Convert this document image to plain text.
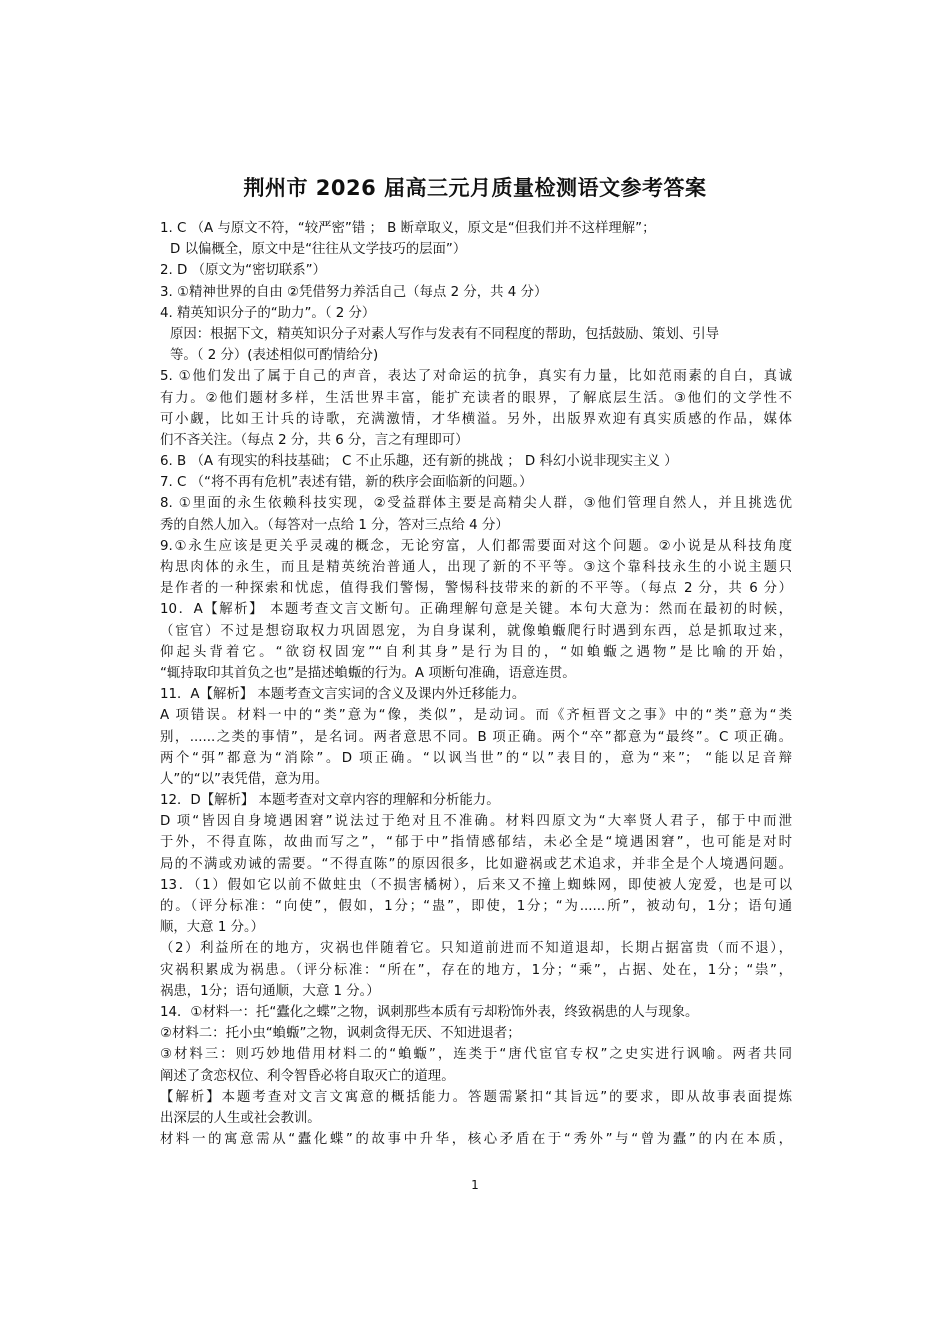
荆州市 2026 届高三元月质量检测语文参考答案
1. C （A 与原文不符，“较严密”错 ； B 断章取义，原文是“但我们并不这样理解”；
D 以偏概全，原文中是“往往从文学技巧的层面”）
2. D （原文为“密切联系”）
3. ①精神世界的自由 ②凭借努力养活自己（每点 2 分，共 4 分）
4. 精英知识分子的“助力”。（ 2 分）
原因：根据下文，精英知识分子对素人写作与发表有不同程度的帮助，包括鼓励、策划、引导
等。（ 2 分）(表述相似可酌情给分)
5. ①他们发出了属于自己的声音，表达了对命运的抗争，真实有力量，比如范雨素的自白，真诚
有力。②他们题材多样，生活世界丰富，能扩充读者的眼界，了解底层生活。③他们的文学性不
可小觑，比如王计兵的诗歌，充满激情，才华横溢。另外，出版界欢迎有真实质感的作品，媒体
们不吝关注。（每点 2 分，共 6 分，言之有理即可）
6. B （A 有现实的科技基础； C 不止乐趣，还有新的挑战 ； D 科幻小说非现实主义 ）
7. C （“将不再有危机”表述有错，新的秩序会面临新的问题。）
8. ①里面的永生依赖科技实现，②受益群体主要是高精尖人群，③他们管理自然人，并且挑选优
秀的自然人加入。（每答对一点给 1 分，答对三点给 4 分）
9.①永生应该是更关乎灵魂的概念，无论穷富，人们都需要面对这个问题。②小说是从科技角度
构思肉体的永生，而且是精英统治普通人，出现了新的不平等。③这个靠科技永生的小说主题只
是作者的一种探索和忧虑，值得我们警惕，警惕科技带来的新的不平等。（每点 2 分，共 6 分）
10．A【解析】 本题考查文言文断句。正确理解句意是关键。本句大意为：然而在最初的时候，
（宦官）不过是想窃取权力巩固恩宠，为自身谋利，就像蝜蝂爬行时遇到东西，总是抓取过来，
仰起头背着它。“欲窃权固宠”“自利其身”是行为目的，“如蝜蝂之遇物”是比喻的开始，
“辄持取印其首负之也”是描述蝜蝂的行为。A 项断句准确，语意连贯。
11．A【解析】 本题考查文言实词的含义及课内外迁移能力。
A 项错误。材料一中的“类”意为“像，类似”，是动词。而《齐桓晋文之事》中的“类”意为“类
别，......之类的事情”，是名词。两者意思不同。B 项正确。两个“卒”都意为“最终”。C 项正确。
两个“弭”都意为“消除”。D 项正确。“以讽当世”的“以”表目的，意为“来”； “能以足音辩
人”的“以”表凭借，意为用。
12．D【解析】 本题考查对文章内容的理解和分析能力。
D 项“皆因自身境遇困窘”说法过于绝对且不准确。材料四原文为“大率贤人君子，郁于中而泄
于外，不得直陈，故曲而写之”，“郁于中”指情感郁结，未必全是“境遇困窘”，也可能是对时
局的不满或劝诫的需要。“不得直陈”的原因很多，比如避祸或艺术追求，并非全是个人境遇问题。
13．（1）假如它以前不做蛀虫（不损害橘树），后来又不撞上蜘蛛网，即使被人宠爱，也是可以
的。（评分标准：“向使”，假如，1分；“蛊”，即使，1分；“为......所”，被动句，1分；语句通
顺，大意 1 分。）
（2）利益所在的地方，灾祸也伴随着它。只知道前进而不知道退却，长期占据富贵（而不退），
灾祸积累成为祸患。（评分标准：“所在”，存在的地方，1分；“乘”，占据、处在，1分；“祟”，
祸患，1分；语句通顺，大意 1 分。）
14．①材料一：托“蠹化之蝶”之物，讽刺那些本质有亏却粉饰外表，终致祸患的人与现象。
②材料二：托小虫“蝜蝂”之物，讽刺贪得无厌、不知进退者；
③材料三：则巧妙地借用材料二的“蝜蝂”，连类于“唐代宦官专权”之史实进行讽喻。两者共同
阐述了贪恋权位、利令智昏必将自取灭亡的道理。
【解析】本题考查对文言文寓意的概括能力。答题需紧扣“其旨远”的要求，即从故事表面提炼
出深层的人生或社会教训。
材料一的寓意需从“蠹化蝶”的故事中升华，核心矛盾在于“秀外”与“曾为蠹”的内在本质，
1
